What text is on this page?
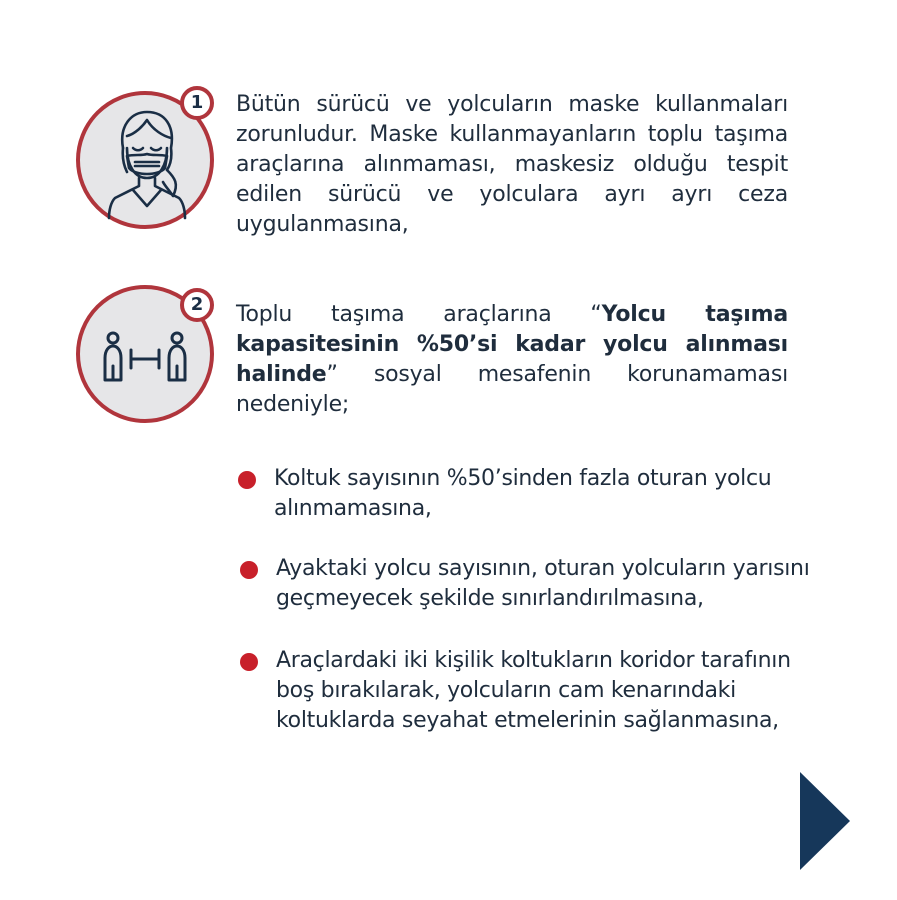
1	Bütün sürücü ve yolcuların maske kullanmaları zorunludur. Maske kullanmayanların toplu taşıma araçlarına alınmaması, maskesiz olduğu tespit edilen sürücü ve yolculara ayrı ayrı ceza uygulanmasına,
2	Toplu taşıma araçlarına “Yolcu taşıma kapasitesinin %50’si kadar yolcu alınması halinde” sosyal mesafenin korunamaması nedeniyle;
Koltuk sayısının %50’sinden fazla oturan yolcu alınmamasına,
Ayaktaki yolcu sayısının, oturan yolcuların yarısını geçmeyecek şekilde sınırlandırılmasına,
Araçlardaki iki kişilik koltukların koridor tarafının boş bırakılarak, yolcuların cam kenarındaki koltuklarda seyahat etmelerinin sağlanmasına,
